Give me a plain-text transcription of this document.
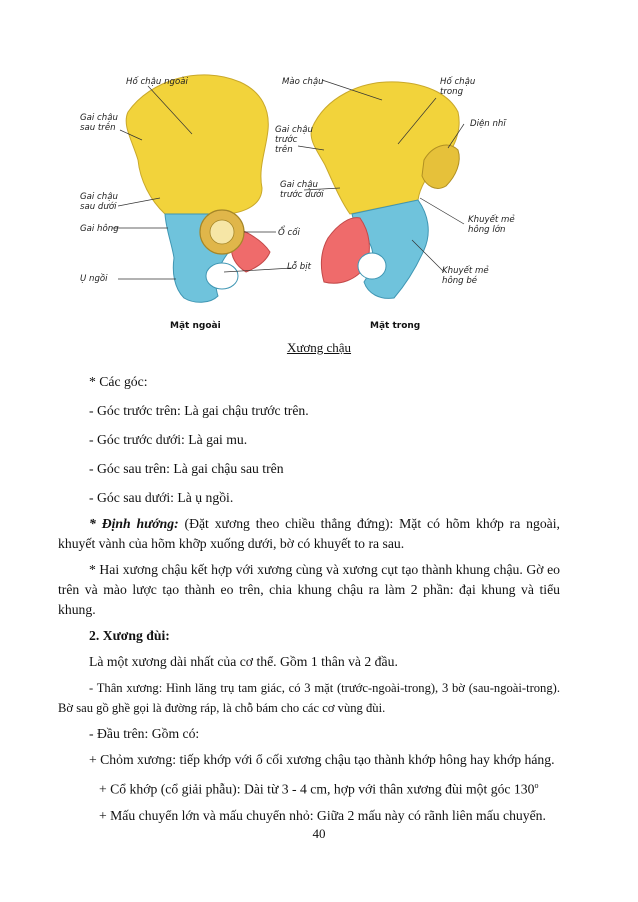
Hố chậu ngoài	Mào chậu	Hố chậu
trong
Gai chậu
sau trên	Diện nhĩ
Gai chậu
trước
trên
Gai chậu
trước dưới
Gai chậu
sau dưới
Khuyết mẻ
hông lớn
Gai hông	Ổ cối
Lỗ bịt
Ụ ngồi
Khuyết mẻ
hông bé
Mặt ngoài	Mặt trong
Xương chậu

* Các góc:

- Góc trước trên: Là gai chậu trước trên.

- Góc trước dưới: Là gai mu.

- Góc sau trên: Là gai chậu sau trên

- Góc sau dưới: Là ụ ngồi.

* Định hướng: (Đặt xương theo chiều thẳng đứng): Mặt có hõm khớp ra ngoài, khuyết vành của hõm khỡp xuống dưới, bờ có khuyết to ra sau.

* Hai xương chậu kết hợp với xương cùng và xương cụt tạo thành khung chậu. Gờ eo trên và mào lược tạo thành eo trên, chia khung chậu ra làm 2 phần: đại khung và tiểu khung.

2. Xương đùi:

Là một xương dài nhất của cơ thể. Gồm 1 thân và 2 đầu.

- Thân xương: Hình lăng trụ tam giác, có 3 mặt (trước-ngoài-trong), 3 bờ (sau-ngoài-trong). Bờ sau gồ ghề gọi là đường ráp, là chỗ bám cho các cơ vùng đùi.

- Đầu trên: Gồm có:

+ Chỏm xương: tiếp khớp với ổ cối xương chậu tạo thành khớp hông hay khớp háng.

+ Cổ khớp (cổ giải phẫu): Dài từ 3 - 4 cm, hợp với thân xương đùi một góc 130$^o$

+ Mấu chuyển lớn và mấu chuyển nhỏ: Giữa 2 mấu này có rãnh liên mấu chuyển.

40
